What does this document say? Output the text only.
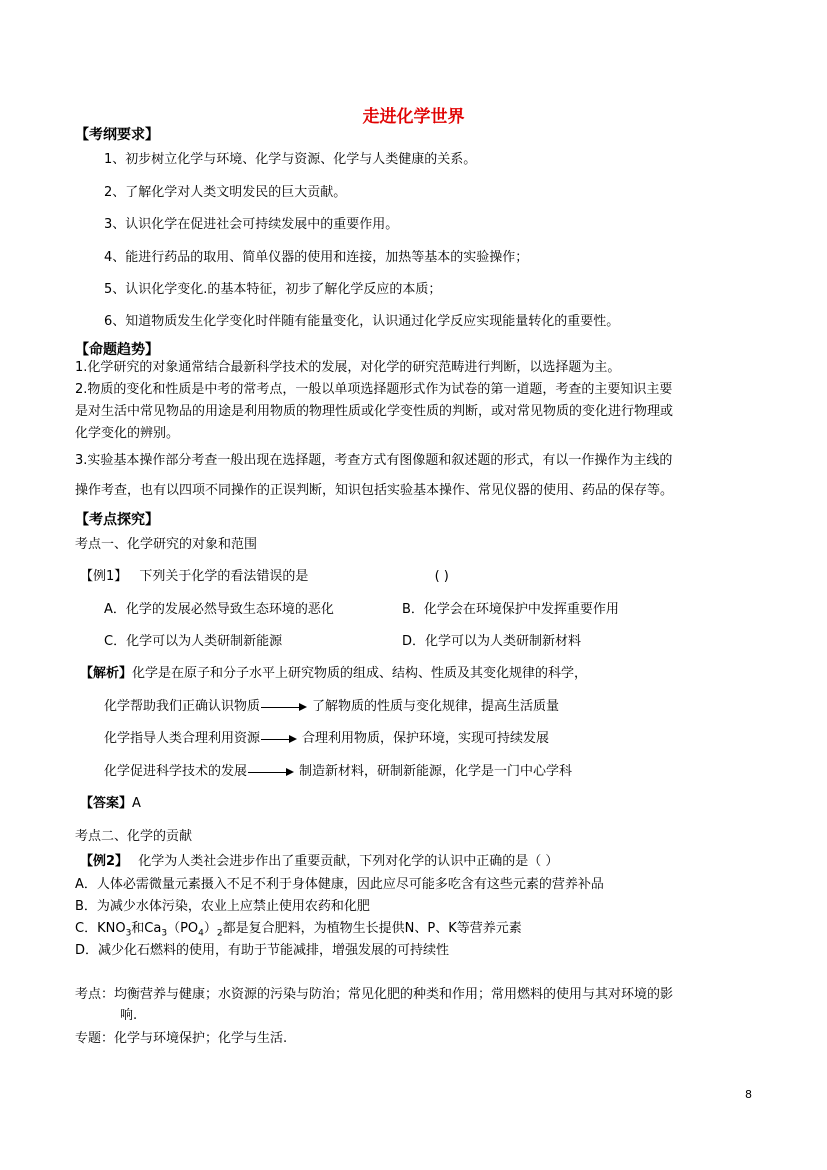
走进化学世界
【考纲要求】
1、初步树立化学与环境、化学与资源、化学与人类健康的关系。
2、了解化学对人类文明发民的巨大贡献。
3、认识化学在促进社会可持续发展中的重要作用。
4、能进行药品的取用、简单仪器的使用和连接，加热等基本的实验操作；
5、认识化学变化.的基本特征，初步了解化学反应的本质；
6、知道物质发生化学变化时伴随有能量变化，认识通过化学反应实现能量转化的重要性。
【命题趋势】
1.化学研究的对象通常结合最新科学技术的发展，对化学的研究范畴进行判断，以选择题为主。
2.物质的变化和性质是中考的常考点，一般以单项选择题形式作为试卷的第一道题，考查的主要知识主要
是对生活中常见物品的用途是利用物质的物理性质或化学变性质的判断，或对常见物质的变化进行物理或
化学变化的辨别。
3.实验基本操作部分考查一般出现在选择题，考查方式有图像题和叙述题的形式，有以一作操作为主线的
操作考查，也有以四项不同操作的正误判断，知识包括实验基本操作、常见仪器的使用、药品的保存等。
【考点探究】
考点一、化学研究的对象和范围
【例1】 下列关于化学的看法错误的是	( )
A．化学的发展必然导致生态环境的恶化	B．化学会在环境保护中发挥重要作用
C．化学可以为人类研制新能源	D．化学可以为人类研制新材料
【解析】化学是在原子和分子水平上研究物质的组成、结构、性质及其变化规律的科学，
化学帮助我们正确认识物质	了解物质的性质与变化规律，提高生活质量
化学指导人类合理利用资源	合理利用物质，保护环境，实现可持续发展
化学促进科学技术的发展	制造新材料，研制新能源，化学是一门中心学科
【答案】A
考点二、化学的贡献
【例2】 化学为人类社会进步作出了重要贡献，下列对化学的认识中正确的是（ ）
A．人体必需微量元素摄入不足不利于身体健康，因此应尽可能多吃含有这些元素的营养补品
B．为减少水体污染，农业上应禁止使用农药和化肥
C．$KNO_3$和$Ca_3(PO_4)_2$都是复合肥料，为植物生长提供N、P、K等营养元素
D．减少化石燃料的使用，有助于节能减排，增强发展的可持续性
考点：均衡营养与健康；水资源的污染与防治；常见化肥的种类和作用；常用燃料的使用与其对环境的影
响.
专题：化学与环境保护；化学与生活.
8
